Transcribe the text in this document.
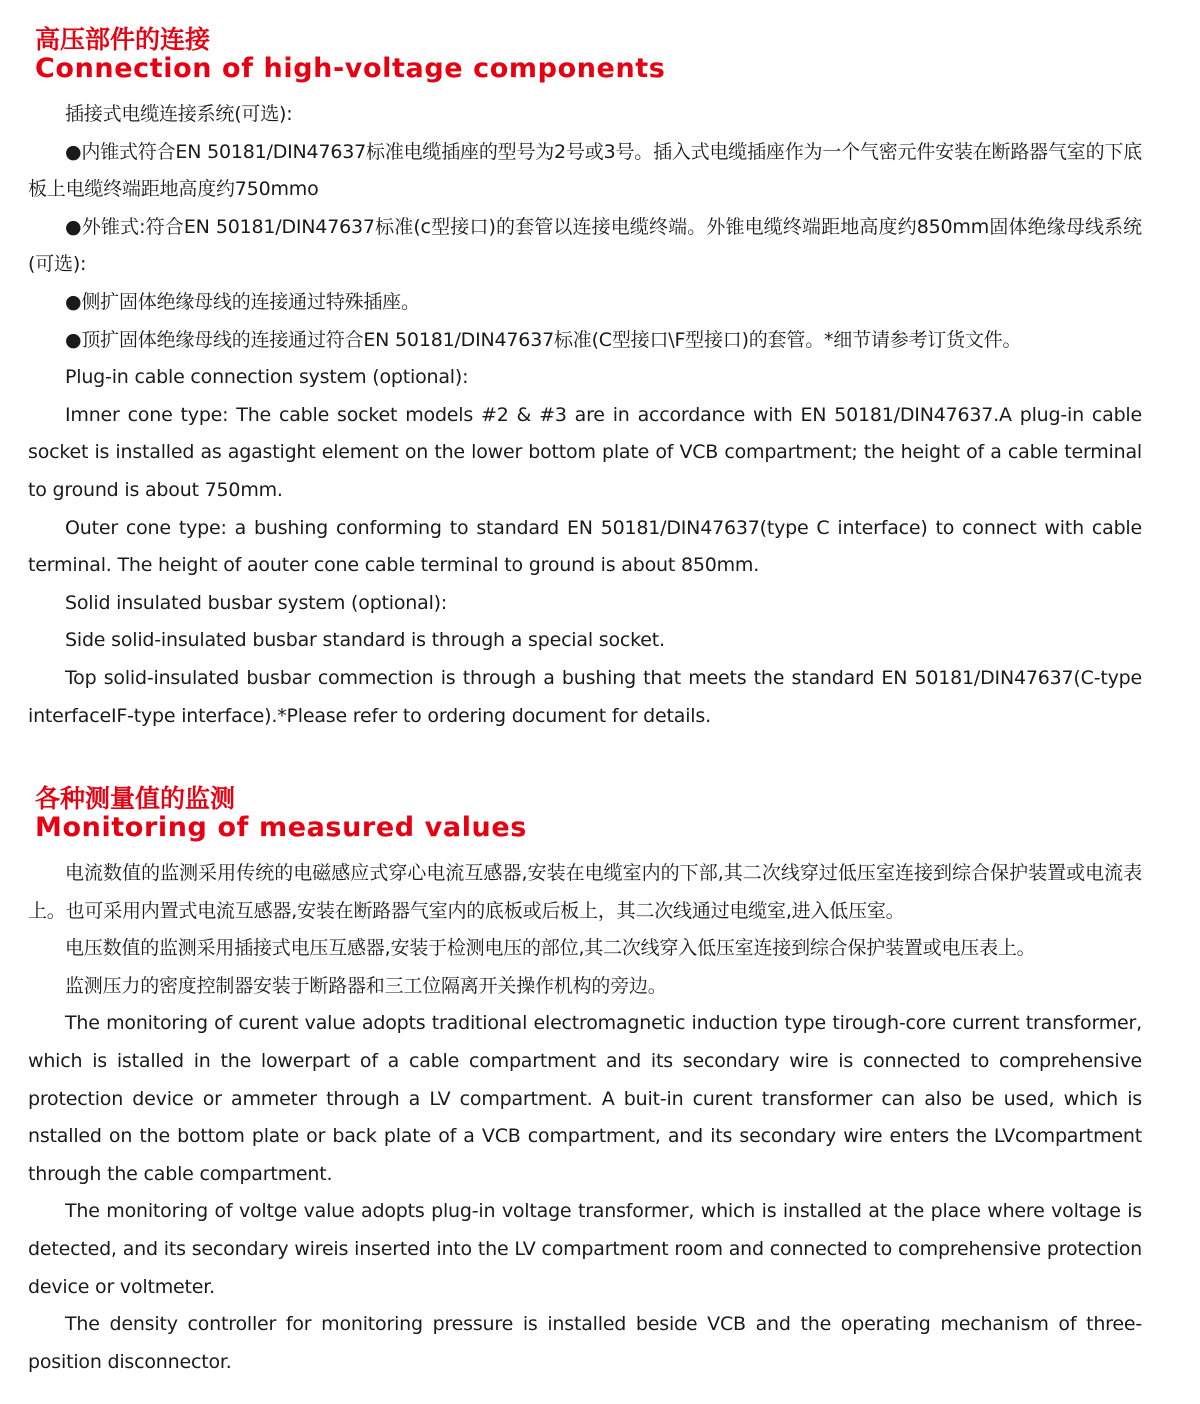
高压部件的连接
Connection of high-voltage components

插接式电缆连接系统(可选):

●内锥式符合EN 50181/DIN47637标准电缆插座的型号为2号或3号。插入式电缆插座作为一个气密元件安装在断路器气室的下底板上电缆终端距地高度约750mmo

●外锥式:符合EN 50181/DIN47637标准(c型接口)的套管以连接电缆终端。外锥电缆终端距地高度约850mm固体绝缘母线系统(可选):

●侧扩固体绝缘母线的连接通过特殊插座。

●顶扩固体绝缘母线的连接通过符合EN 50181/DIN47637标准(C型接口\F型接口)的套管。*细节请参考订货文件。

Plug-in cable connection system (optional):

Imner cone type: The cable socket models #2 & #3 are in accordance with EN 50181/DIN47637.A plug-in cable socket is installed as agastight element on the lower bottom plate of VCB compartment; the height of a cable terminal to ground is about 750mm.

Outer cone type: a bushing conforming to standard EN 50181/DIN47637(type C interface) to connect with cable terminal. The height of aouter cone cable terminal to ground is about 850mm.

Solid insulated busbar system (optional):

Side solid-insulated busbar standard is through a special socket.

Top solid-insulated busbar commection is through a bushing that meets the standard EN 50181/DIN47637(C-type interfaceIF-type interface).*Please refer to ordering document for details.

各种测量值的监测
Monitoring of measured values

电流数值的监测采用传统的电磁感应式穿心电流互感器,安装在电缆室内的下部,其二次线穿过低压室连接到综合保护装置或电流表上。也可采用内置式电流互感器,安装在断路器气室内的底板或后板上，其二次线通过电缆室,进入低压室。

电压数值的监测采用插接式电压互感器,安装于检测电压的部位,其二次线穿入低压室连接到综合保护装置或电压表上。

监测压力的密度控制器安装于断路器和三工位隔离开关操作机构的旁边。

The monitoring of curent value adopts traditional electromagnetic induction type tirough-core current transformer, which is istalled in the lowerpart of a cable compartment and its secondary wire is connected to comprehensive protection device or ammeter through a LV compartment. A buit-in curent transformer can also be used, which is nstalled on the bottom plate or back plate of a VCB compartment, and its secondary wire enters the LVcompartment through the cable compartment.

The monitoring of voltge value adopts plug-in voltage transformer, which is installed at the place where voltage is detected, and its secondary wireis inserted into the LV compartment room and connected to comprehensive protection device or voltmeter.

The density controller for monitoring pressure is installed beside VCB and the operating mechanism of three-position disconnector.
